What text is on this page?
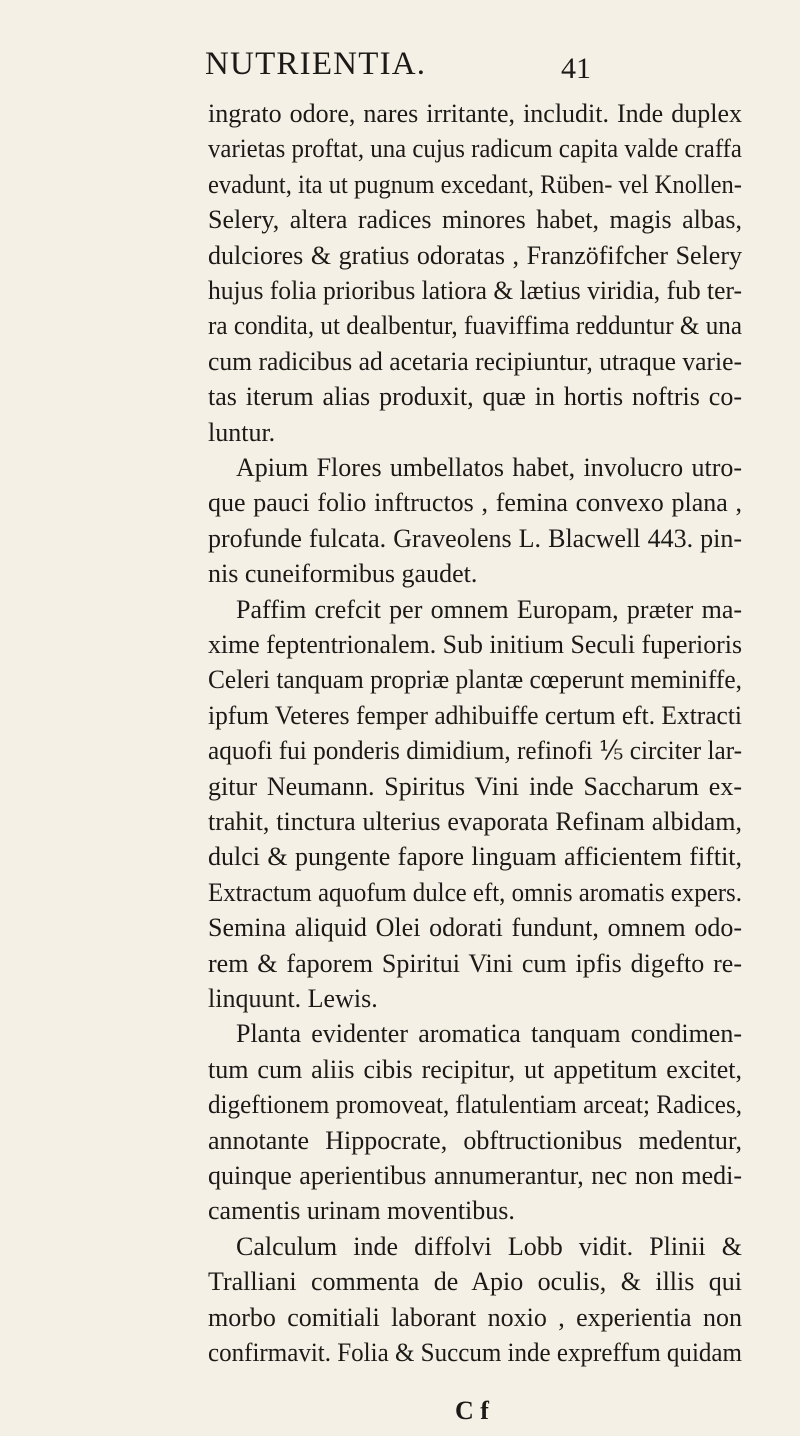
NUTRIENTIA.	41
ingrato odore, nares irritante, includit. Inde duplex
varietas proftat, una cujus radicum capita valde craffa
evadunt, ita ut pugnum excedant, Rüben- vel Knollen-
Selery, altera radices minores habet, magis albas,
dulciores & gratius odoratas , Franzöfifcher Selery
hujus folia prioribus latiora & lætius viridia, fub ter-
ra condita, ut dealbentur, fuaviffima redduntur & una
cum radicibus ad acetaria recipiuntur, utraque varie-
tas iterum alias produxit, quæ in hortis noftris co-
luntur.
Apium Flores umbellatos habet, involucro utro-
que pauci folio inftructos , femina convexo plana ,
profunde fulcata. Graveolens L. Blacwell 443. pin-
nis cuneiformibus gaudet.
Paffim crefcit per omnem Europam, præter ma-
xime feptentrionalem. Sub initium Seculi fuperioris
Celeri tanquam propriæ plantæ cœperunt meminiffe,
ipfum Veteres femper adhibuiffe certum eft. Extracti
aquofi fui ponderis dimidium, refinofi ⅕ circiter lar-
gitur Neumann. Spiritus Vini inde Saccharum ex-
trahit, tinctura ulterius evaporata Refinam albidam,
dulci & pungente fapore linguam afficientem fiftit,
Extractum aquofum dulce eft, omnis aromatis expers.
Semina aliquid Olei odorati fundunt, omnem odo-
rem & faporem Spiritui Vini cum ipfis digefto re-
linquunt. Lewis.
Planta evidenter aromatica tanquam condimen-
tum cum aliis cibis recipitur, ut appetitum excitet,
digeftionem promoveat, flatulentiam arceat; Radices,
annotante Hippocrate, obftructionibus medentur,
quinque aperientibus annumerantur, nec non medi-
camentis urinam moventibus.
Calculum inde diffolvi Lobb vidit. Plinii &
Tralliani commenta de Apio oculis, & illis qui
morbo comitiali laborant noxio , experientia non
confirmavit. Folia & Succum inde expreffum quidam
C f
